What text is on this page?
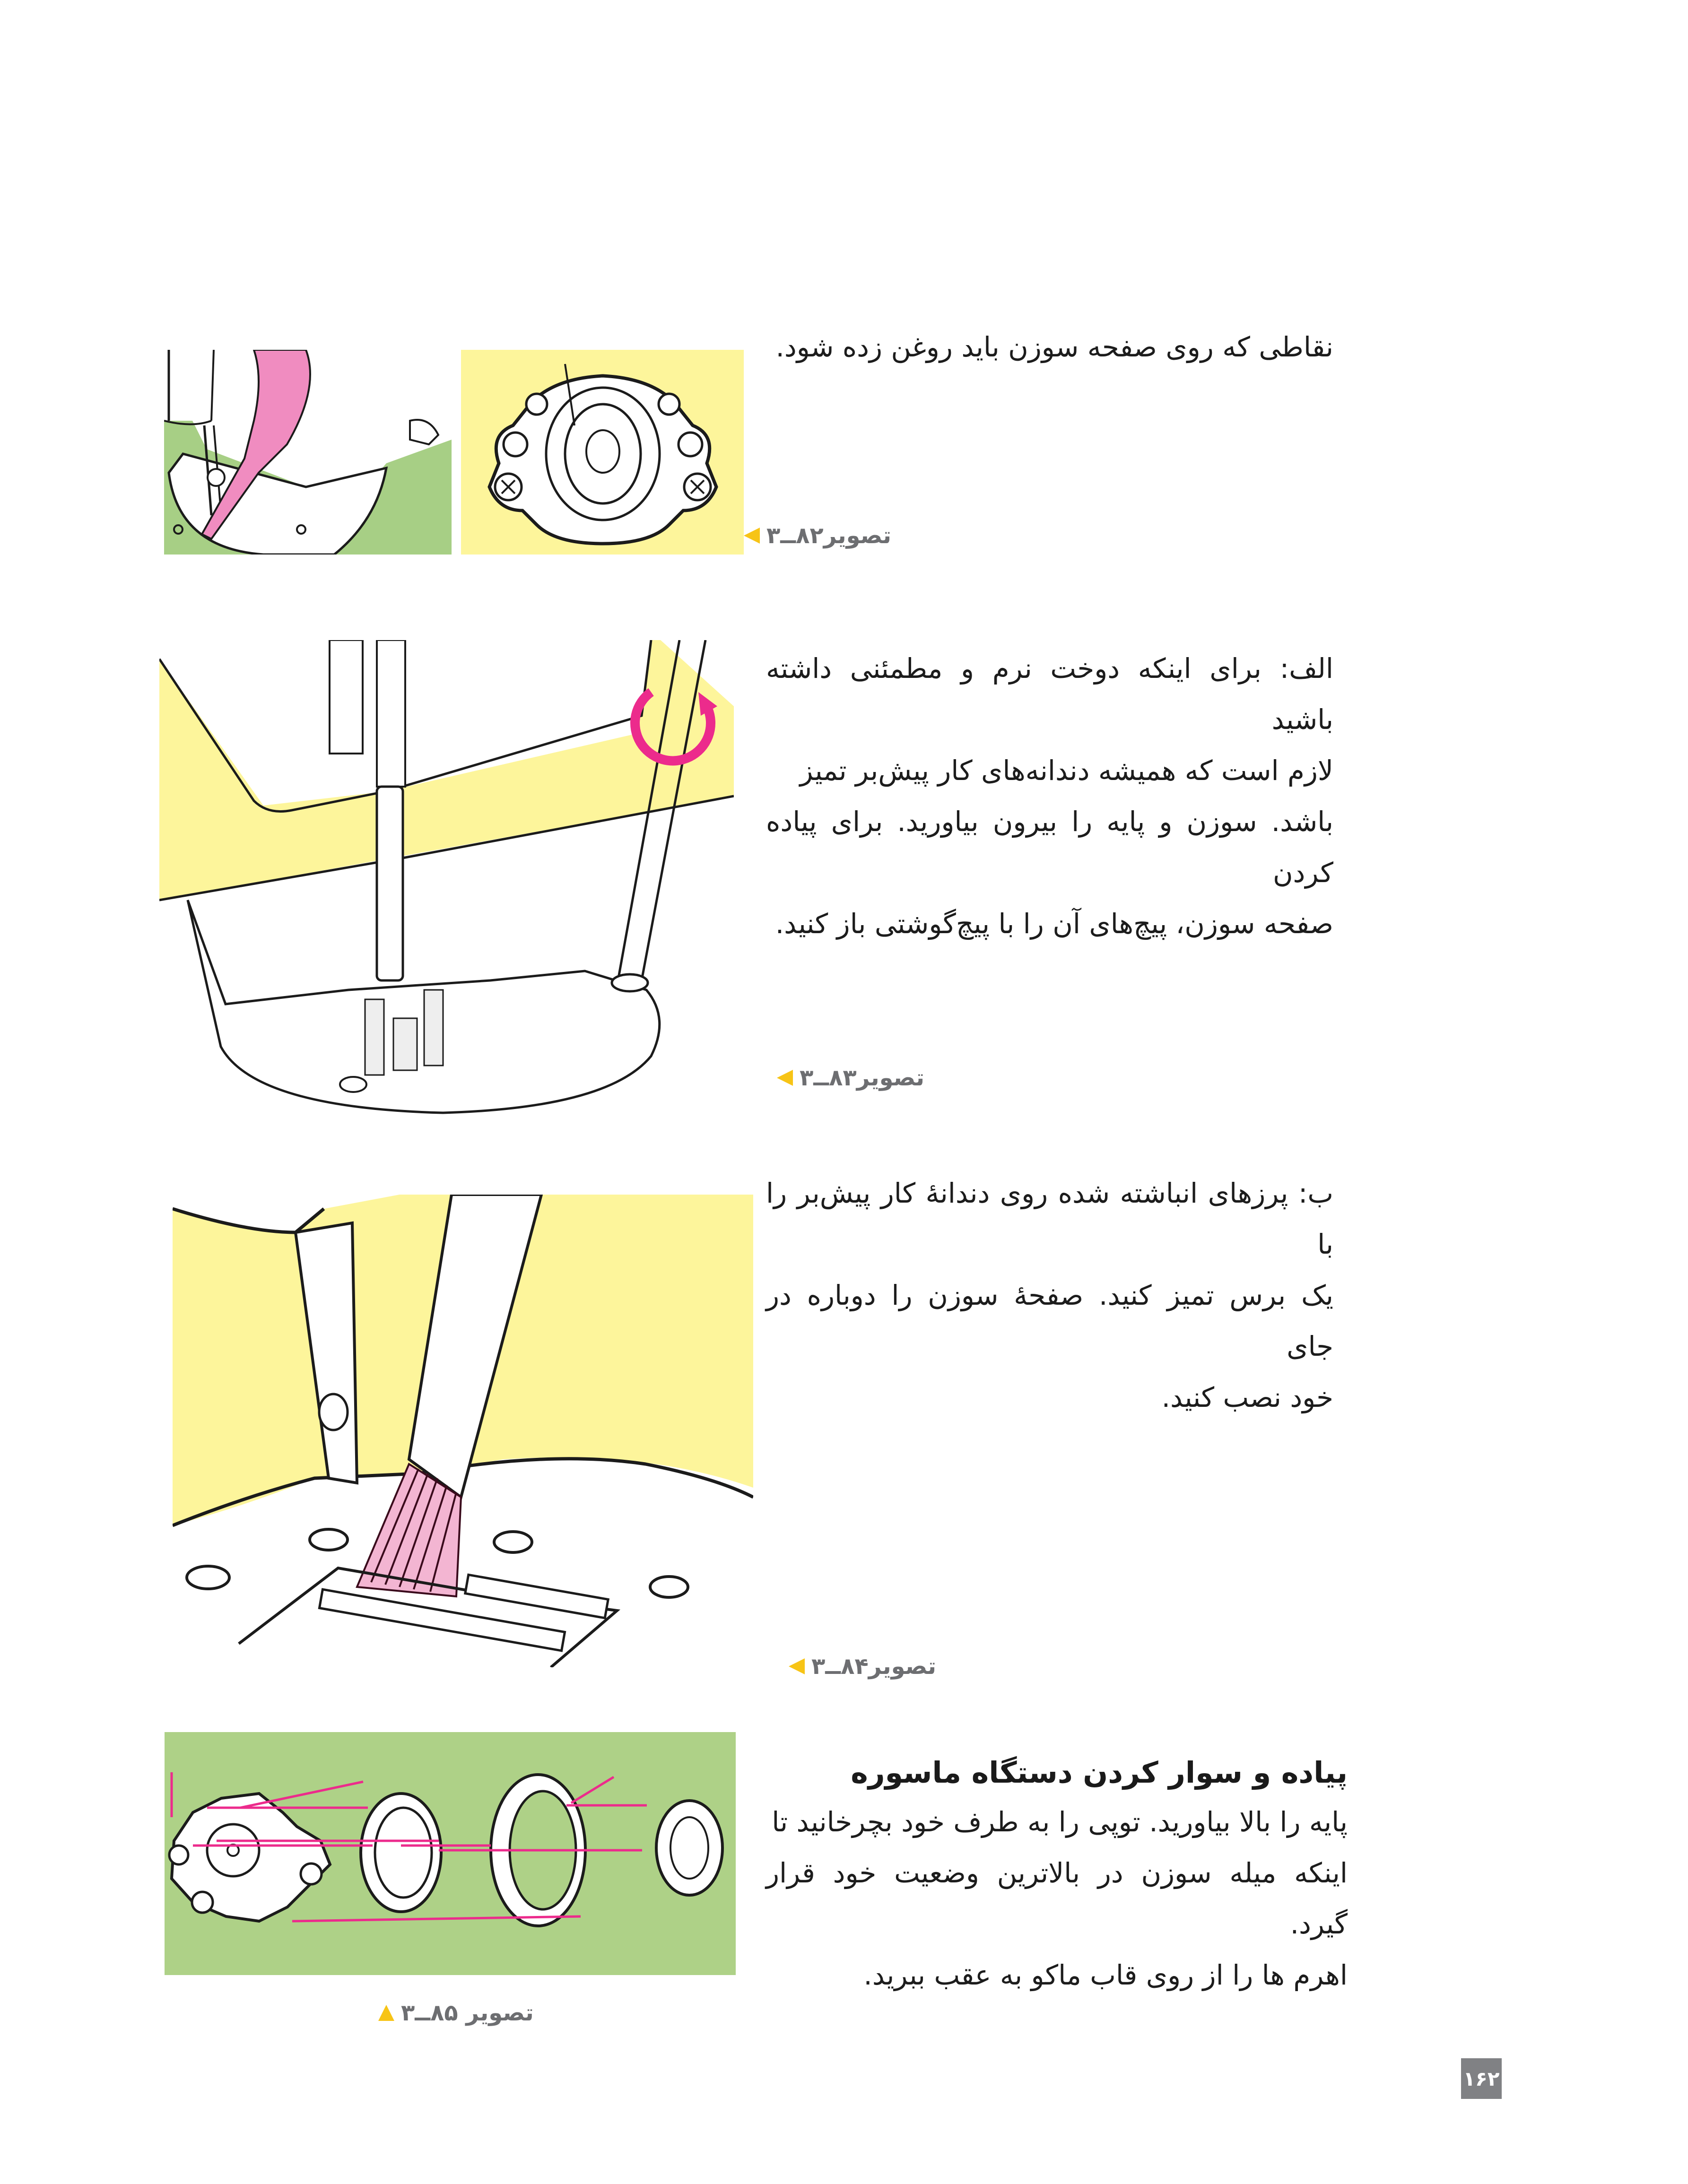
نقاطی که روی صفحه سوزن باید روغن زده شود.

تصویر۸۲ــ۳

الف: برای اینکه دوخت نرم و مطمئنی داشته باشید

لازم است که همیشه دندانه‌های کار پیش‌بر تمیز

باشد. سوزن و پایه را بیرون بیاورید. برای پیاده کردن

صفحه سوزن، پیچ‌های آن را با پیچ‌گوشتی باز کنید.

تصویر۸۳ــ۳

ب: پرزهای انباشته شده روی دندانهٔ کار پیش‌بر را با

یک برس تمیز کنید. صفحهٔ سوزن را دوباره در جای

خود نصب کنید.

تصویر۸۴ــ۳
پیاده و سوار کردن دستگاه ماسوره

پایه را بالا بیاورید. توپی را به طرف خود بچرخانید تا

اینکه میله سوزن در بالاترین وضعیت خود قرار گیرد.

اهرم ها را از روی قاب ماکو به عقب ببرید.

تصویر ۸۵ــ۳
۱۶۲
